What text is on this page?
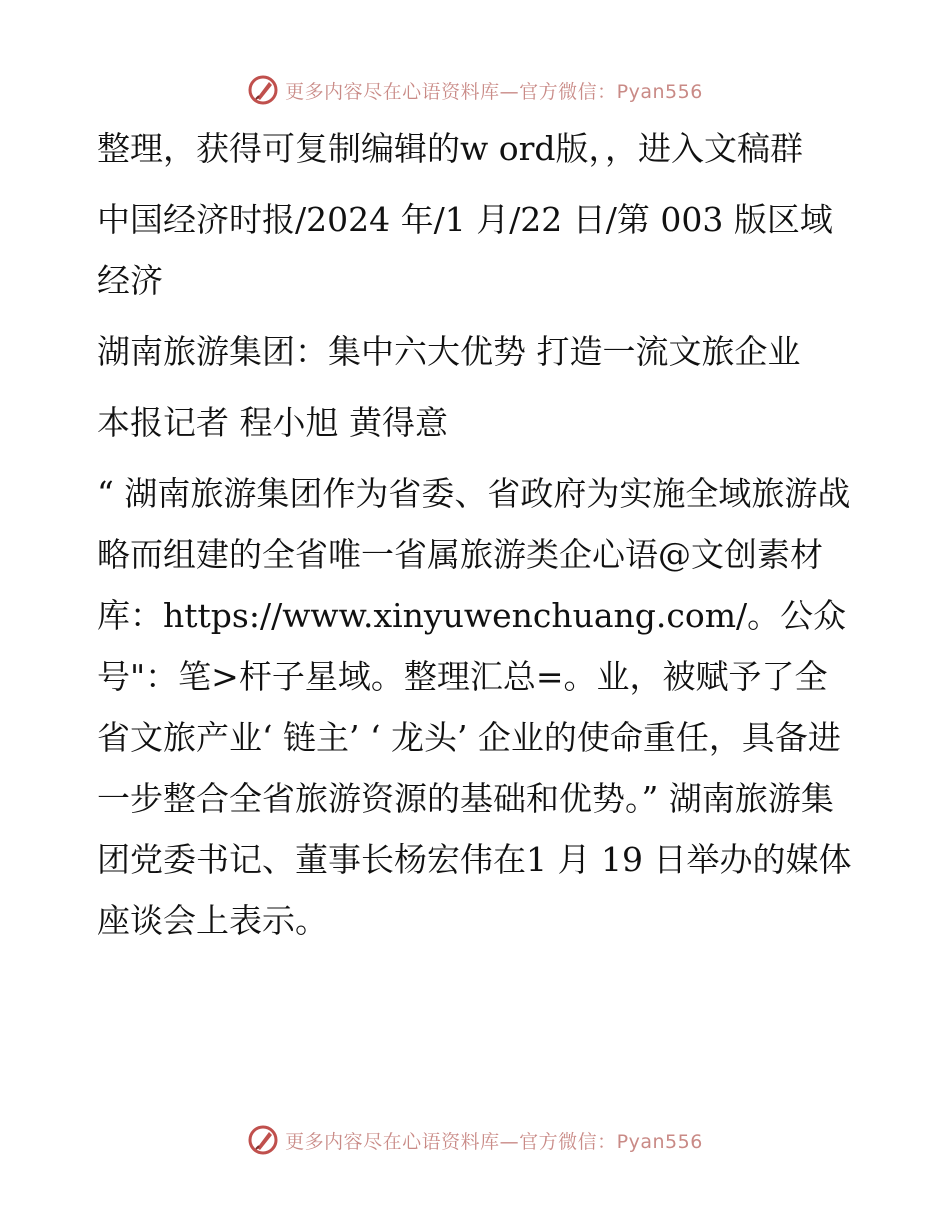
更多内容尽在心语资料库—官方微信：Pyan556

整理，获得可复制编辑的w ord版，，进入文稿群

中国经济时报/2024 年/1 月/22 日/第 003 版区域经济

湖南旅游集团：集中六大优势 打造一流文旅企业

本报记者 程小旭 黄得意

“ 湖南旅游集团作为省委、省政府为实施全域旅游战略而组建的全省唯一省属旅游类企心语@文创素材库：https://www.xinyuwenchuang.com/。公众号"：笔>杆子星域。整理汇总=。业，被赋予了全省文旅产业‘ 链主’ ‘ 龙头’ 企业的使命重任，具备进一步整合全省旅游资源的基础和优势。” 湖南旅游集团党委书记、董事长杨宏伟在1 月 19 日举办的媒体座谈会上表示。

更多内容尽在心语资料库—官方微信：Pyan556
